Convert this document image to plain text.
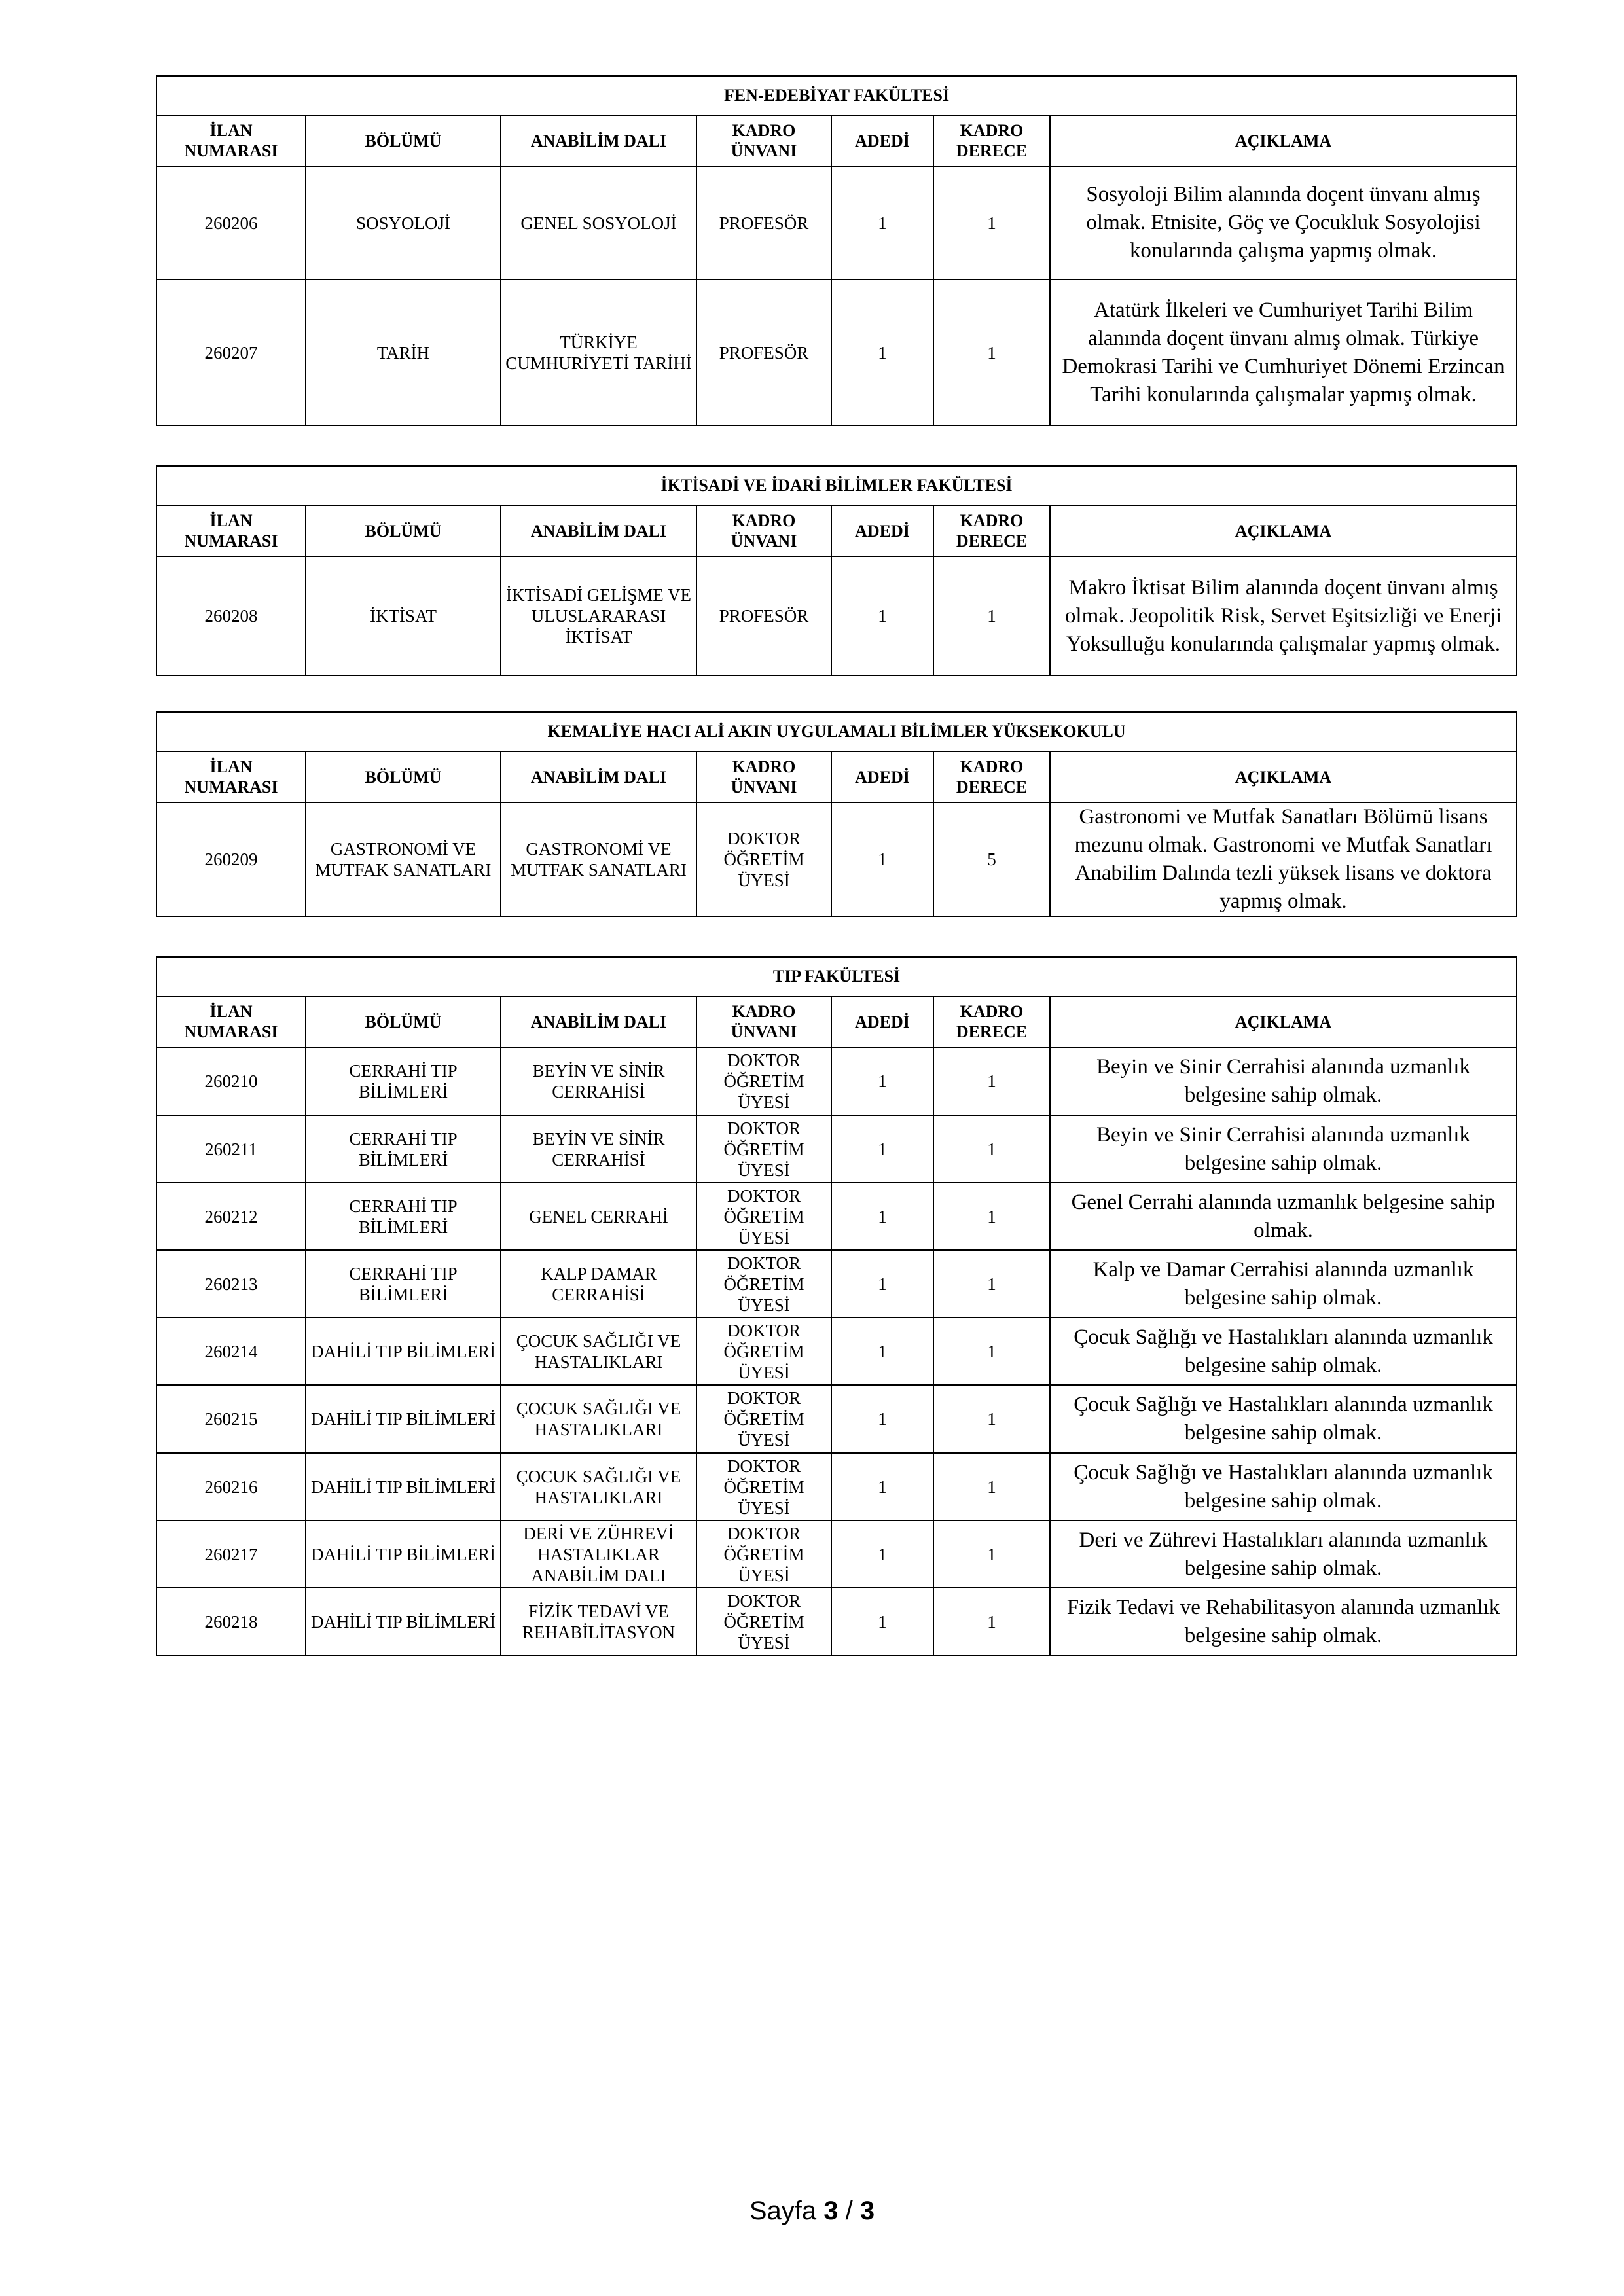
FEN-EDEBİYAT FAKÜLTESİ						
İLAN NUMARASI	BÖLÜMÜ	ANABİLİM DALI	KADRO ÜNVANI	ADEDİ	KADRO DERECE	AÇIKLAMA
260206	SOSYOLOJİ	GENEL SOSYOLOJİ	PROFESÖR	1	1	Sosyoloji Bilim alanında doçent ünvanı almış olmak. Etnisite, Göç ve Çocukluk Sosyolojisi konularında çalışma yapmış olmak.
260207	TARİH	TÜRKİYE CUMHURİYETİ TARİHİ	PROFESÖR	1	1	Atatürk İlkeleri ve Cumhuriyet Tarihi Bilim alanında doçent ünvanı almış olmak. Türkiye Demokrasi Tarihi ve Cumhuriyet Dönemi Erzincan Tarihi konularında çalışmalar yapmış olmak.
İKTİSADİ VE İDARİ BİLİMLER FAKÜLTESİ						
İLAN NUMARASI	BÖLÜMÜ	ANABİLİM DALI	KADRO ÜNVANI	ADEDİ	KADRO DERECE	AÇIKLAMA
260208	İKTİSAT	İKTİSADİ GELİŞME VE ULUSLARARASI İKTİSAT	PROFESÖR	1	1	Makro İktisat Bilim alanında doçent ünvanı almış olmak. Jeopolitik Risk, Servet Eşitsizliği ve Enerji Yoksulluğu konularında çalışmalar yapmış olmak.
KEMALİYE HACI ALİ AKIN UYGULAMALI BİLİMLER YÜKSEKOKULU						
İLAN NUMARASI	BÖLÜMÜ	ANABİLİM DALI	KADRO ÜNVANI	ADEDİ	KADRO DERECE	AÇIKLAMA
260209	GASTRONOMİ VE MUTFAK SANATLARI	GASTRONOMİ VE MUTFAK SANATLARI	DOKTOR ÖĞRETİM ÜYESİ	1	5	Gastronomi ve Mutfak Sanatları Bölümü lisans mezunu olmak. Gastronomi ve Mutfak Sanatları Anabilim Dalında tezli yüksek lisans ve doktora yapmış olmak.
TIP FAKÜLTESİ						
İLAN NUMARASI	BÖLÜMÜ	ANABİLİM DALI	KADRO ÜNVANI	ADEDİ	KADRO DERECE	AÇIKLAMA
260210	CERRAHİ TIP BİLİMLERİ	BEYİN VE SİNİR CERRAHİSİ	DOKTOR ÖĞRETİM ÜYESİ	1	1	Beyin ve Sinir Cerrahisi alanında uzmanlık belgesine sahip olmak.
260211	CERRAHİ TIP BİLİMLERİ	BEYİN VE SİNİR CERRAHİSİ	DOKTOR ÖĞRETİM ÜYESİ	1	1	Beyin ve Sinir Cerrahisi alanında uzmanlık belgesine sahip olmak.
260212	CERRAHİ TIP BİLİMLERİ	GENEL CERRAHİ	DOKTOR ÖĞRETİM ÜYESİ	1	1	Genel Cerrahi alanında uzmanlık belgesine sahip olmak.
260213	CERRAHİ TIP BİLİMLERİ	KALP DAMAR CERRAHİSİ	DOKTOR ÖĞRETİM ÜYESİ	1	1	Kalp ve Damar Cerrahisi alanında uzmanlık belgesine sahip olmak.
260214	DAHİLİ TIP BİLİMLERİ	ÇOCUK SAĞLIĞI VE HASTALIKLARI	DOKTOR ÖĞRETİM ÜYESİ	1	1	Çocuk Sağlığı ve Hastalıkları alanında uzmanlık belgesine sahip olmak.
260215	DAHİLİ TIP BİLİMLERİ	ÇOCUK SAĞLIĞI VE HASTALIKLARI	DOKTOR ÖĞRETİM ÜYESİ	1	1	Çocuk Sağlığı ve Hastalıkları alanında uzmanlık belgesine sahip olmak.
260216	DAHİLİ TIP BİLİMLERİ	ÇOCUK SAĞLIĞI VE HASTALIKLARI	DOKTOR ÖĞRETİM ÜYESİ	1	1	Çocuk Sağlığı ve Hastalıkları alanında uzmanlık belgesine sahip olmak.
260217	DAHİLİ TIP BİLİMLERİ	DERİ VE ZÜHREVİ HASTALIKLAR ANABİLİM DALI	DOKTOR ÖĞRETİM ÜYESİ	1	1	Deri ve Zührevi Hastalıkları alanında uzmanlık belgesine sahip olmak.
260218	DAHİLİ TIP BİLİMLERİ	FİZİK TEDAVİ VE REHABİLİTASYON	DOKTOR ÖĞRETİM ÜYESİ	1	1	Fizik Tedavi ve Rehabilitasyon alanında uzmanlık belgesine sahip olmak.
Sayfa 3 / 3
